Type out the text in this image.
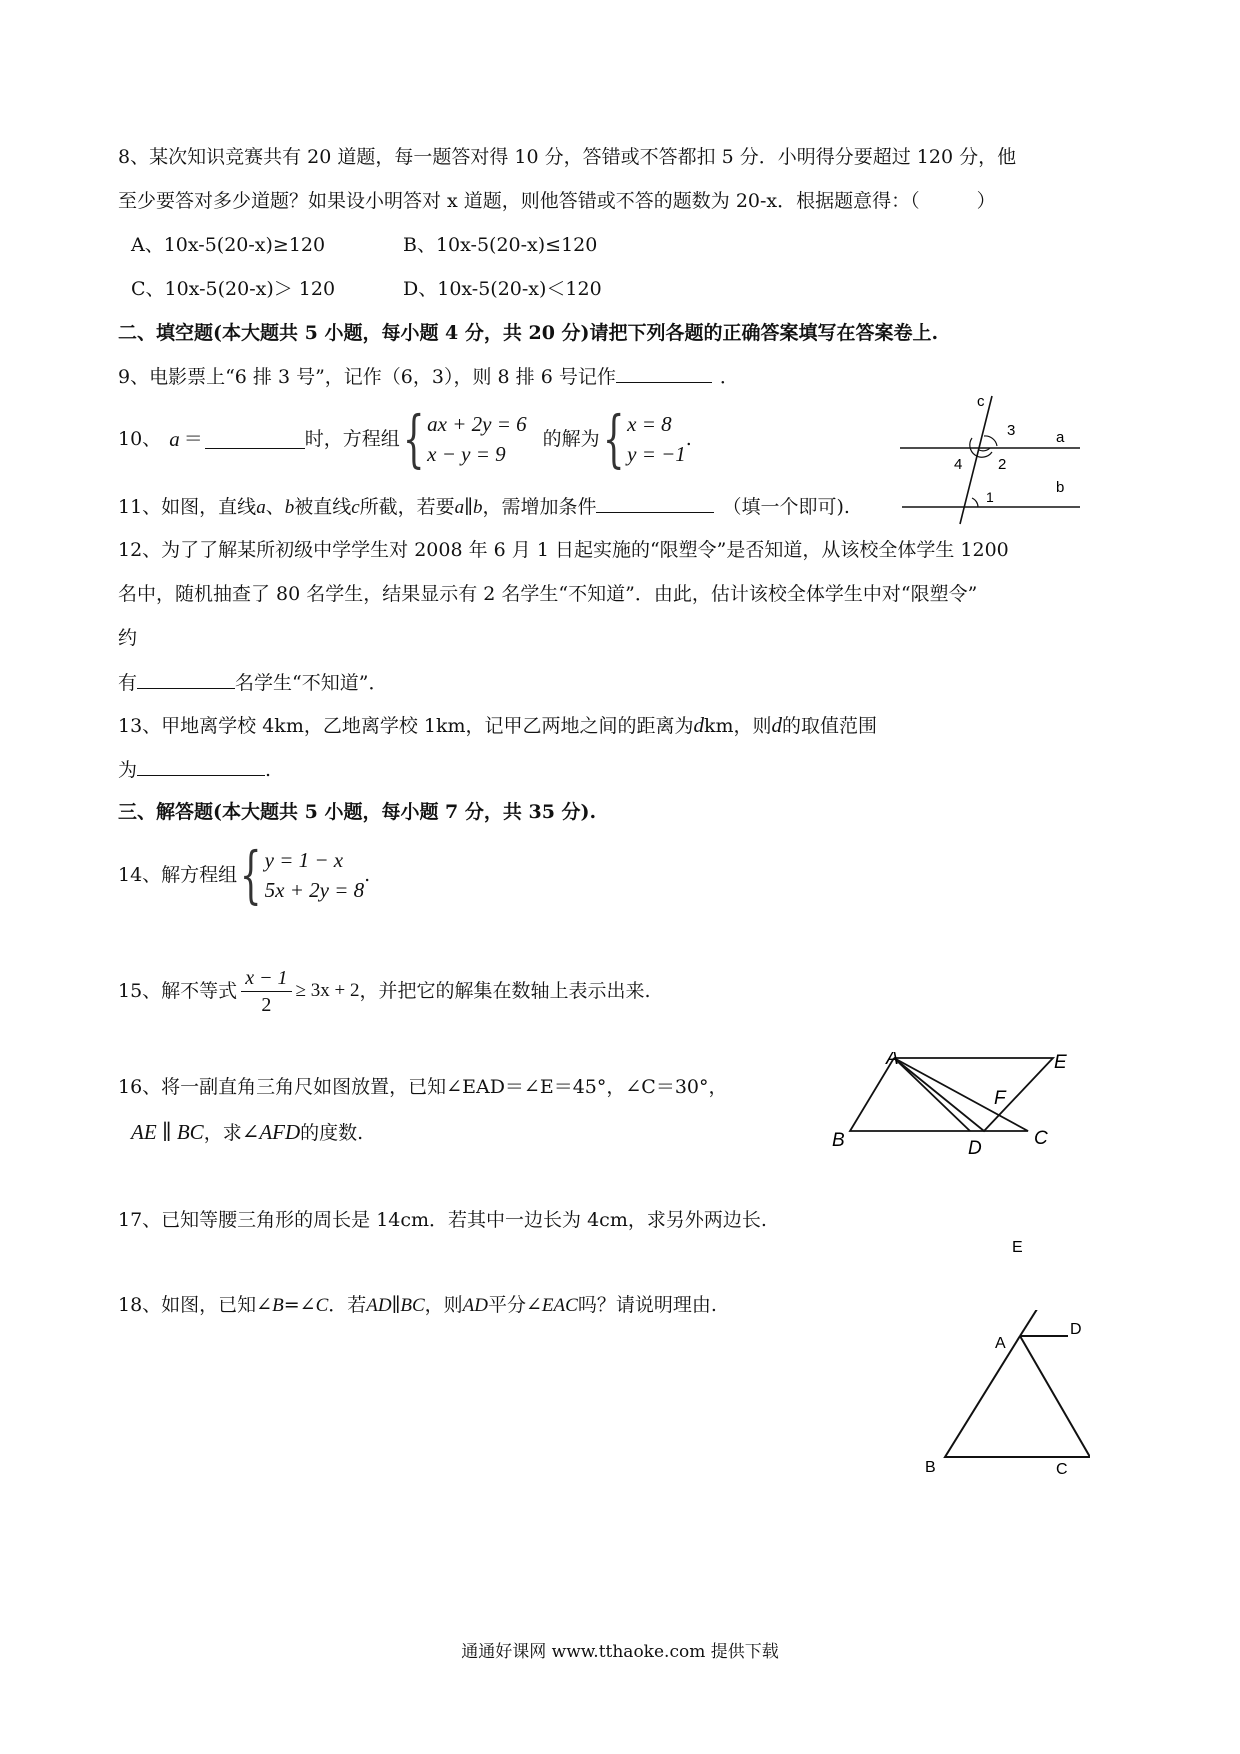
8、某次知识竞赛共有 20 道题，每一题答对得 10 分，答错或不答都扣 5 分．小明得分要超过 120 分，他
至少要答对多少道题？如果设小明答对 x 道题，则他答错或不答的题数为 20-x．根据题意得：（　　　）
A、10x-5(20-x)≥120	B、10x-5(20-x)≤120
C、10x-5(20-x)＞ 120	D、10x-5(20-x)＜120
二、填空题(本大题共 5 小题，每小题 4 分，共 20 分)请把下列各题的正确答案填写在答案卷上.
9、电影票上“6 排 3 号”，记作（6，3），则 8 排 6 号记作	．
10、 a ＝	时，方程组 { ax + 2y = 6
x − y = 9
的解为 { x = 8
y = −1
.
11、如图，直线a、b被直线c所截，若要a∥b，需增加条件	（填一个即可).
12、为了了解某所初级中学学生对 2008 年 6 月 1 日起实施的“限塑令”是否知道，从该校全体学生 1200
名中，随机抽查了 80 名学生，结果显示有 2 名学生“不知道”．由此，估计该校全体学生中对“限塑令”
约
有	名学生“不知道”．
13、甲地离学校 4km，乙地离学校 1km，记甲乙两地之间的距离为dkm，则d的取值范围
为	.
三、解答题(本大题共 5 小题，每小题 7 分，共 35 分).
14、解方程组 { y = 1 − x
5x + 2y = 8
.
15、解不等式 $\frac{x - 1}{2} \ge 3x + 2$ ，并把它的解集在数轴上表示出来.
16、将一副直角三角尺如图放置，已知∠EAD＝∠E＝45°，∠C＝30°，
AE ∥ BC，求∠AFD的度数.
17、已知等腰三角形的周长是 14cm．若其中一边长为 4cm，求另外两边长.
18、如图，已知∠B=∠C．若AD∥BC，则AD平分∠EAC吗？请说明理由.
c
3	a
4 2
b
1
A	E
F
B	D	C
A
D
B	C
E
通通好课网 www.tthaoke.com 提供下载
